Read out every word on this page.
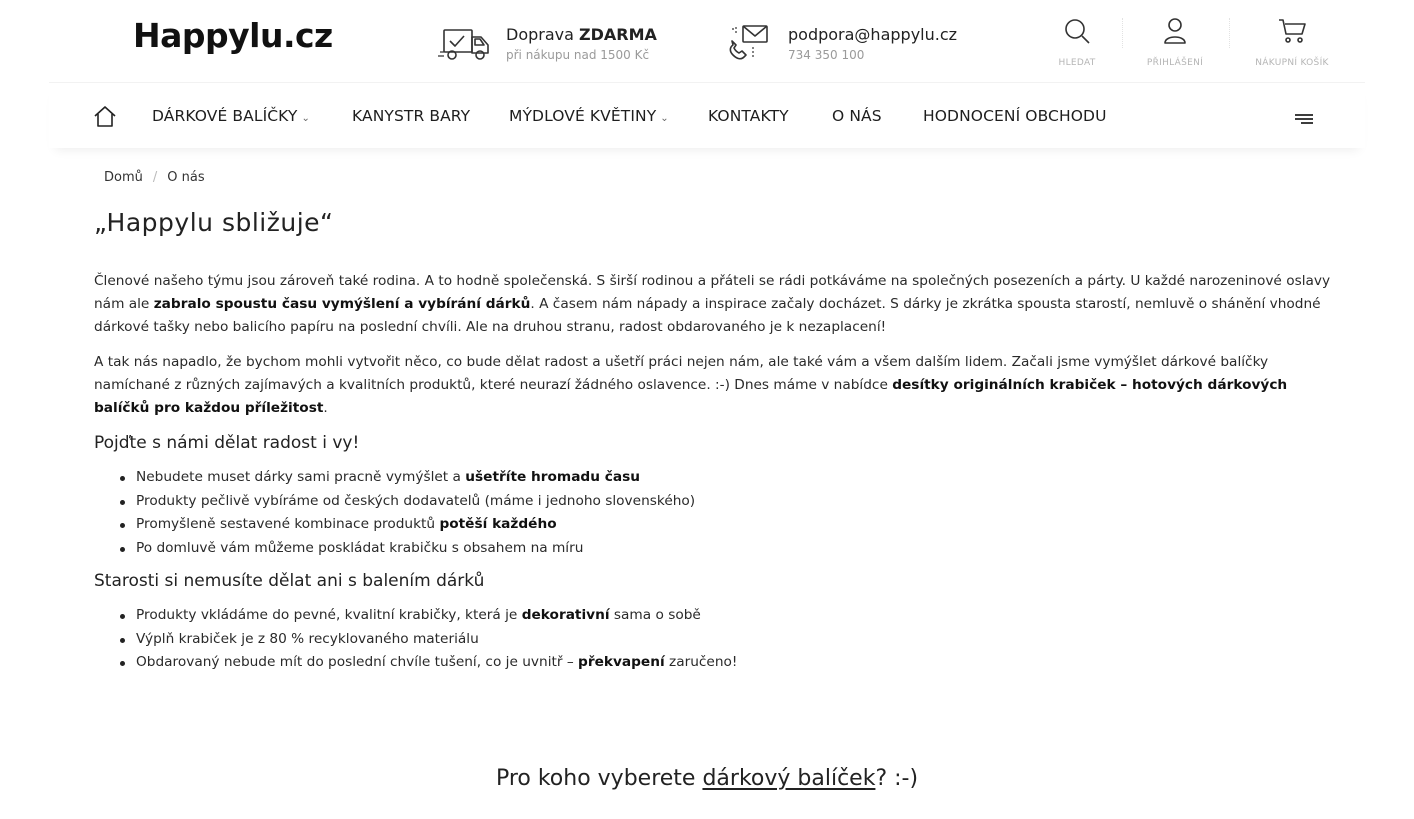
Happylu.cz	Doprava ZDARMA
při nákupu nad 1500 Kč
podpora@happylu.cz
734 350 100
HLEDAT	PŘIHLÁŠENÍ	NÁKUPNÍ KOŠÍK
DÁRKOVÉ BALÍČKY ⌄	KANYSTR BARY	MÝDLOVÉ KVĚTINY ⌄	KONTAKTY	O NÁS	HODNOCENÍ OBCHODU
Domů / O nás
„Happylu sbližuje“

Členové našeho týmu jsou zároveň také rodina. A to hodně společenská. S širší rodinou a přáteli se rádi potkáváme na společných posezeních a párty. U každé narozeninové oslavy nám ale zabralo spoustu času vymýšlení a vybírání dárků. A časem nám nápady a inspirace začaly docházet. S dárky je zkrátka spousta starostí, nemluvě o shánění vhodné dárkové tašky nebo balicího papíru na poslední chvíli. Ale na druhou stranu, radost obdarovaného je k nezaplacení!

A tak nás napadlo, že bychom mohli vytvořit něco, co bude dělat radost a ušetří práci nejen nám, ale také vám a všem dalším lidem. Začali jsme vymýšlet dárkové balíčky namíchané z různých zajímavých a kvalitních produktů, které neurazí žádného oslavence. :-) Dnes máme v nabídce desítky originálních krabiček – hotových dárkových balíčků pro každou příležitost.

Pojďte s námi dělat radost i vy!
Nebudete muset dárky sami pracně vymýšlet a ušetříte hromadu času
Produkty pečlivě vybíráme od českých dodavatelů (máme i jednoho slovenského)
Promyšleně sestavené kombinace produktů potěší každého
Po domluvě vám můžeme poskládat krabičku s obsahem na míru
Starosti si nemusíte dělat ani s balením dárků
Produkty vkládáme do pevné, kvalitní krabičky, která je dekorativní sama o sobě
Výplň krabiček je z 80 % recyklovaného materiálu
Obdarovaný nebude mít do poslední chvíle tušení, co je uvnitř – překvapení zaručeno!
Pro koho vyberete dárkový balíček? :-)
